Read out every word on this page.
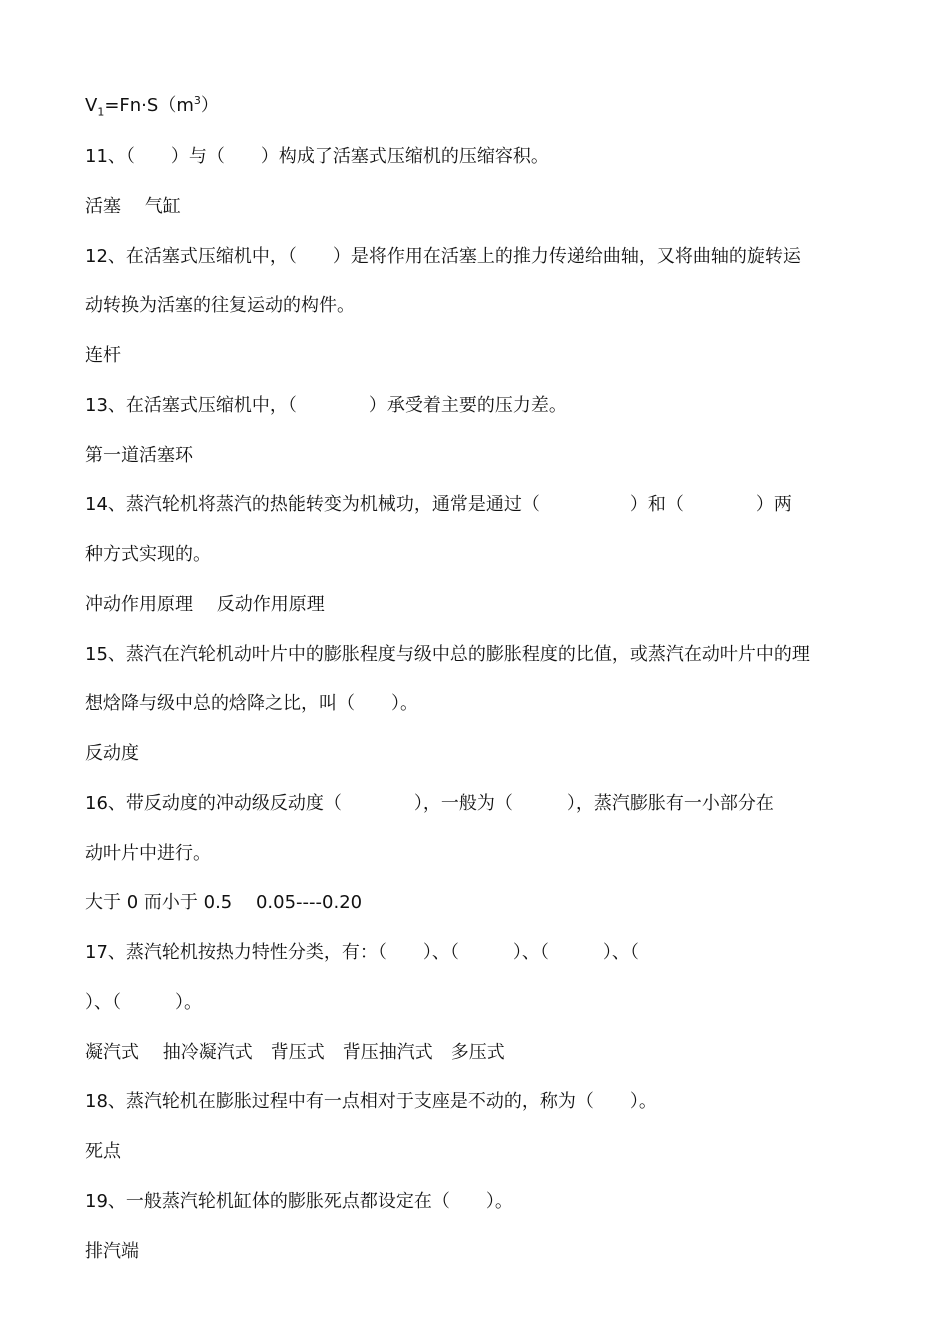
$V_1=Fn\cdot S(m^3)$

11、（　　）与（　　）构成了活塞式压缩机的压缩容积。

活塞　 气缸

12、在活塞式压缩机中，（　　）是将作用在活塞上的推力传递给曲轴，又将曲轴的旋转运

动转换为活塞的往复运动的构件。

连杆

13、在活塞式压缩机中，（　　　　）承受着主要的压力差。

第一道活塞环

14、蒸汽轮机将蒸汽的热能转变为机械功，通常是通过（　　　　　）和（　　　　）两

种方式实现的。

冲动作用原理　 反动作用原理

15、蒸汽在汽轮机动叶片中的膨胀程度与级中总的膨胀程度的比值，或蒸汽在动叶片中的理

想焓降与级中总的焓降之比，叫（　　）。

反动度

16、带反动度的冲动级反动度（　　　　），一般为（　　　），蒸汽膨胀有一小部分在

动叶片中进行。

大于 0 而小于 0.5　 0.05----0.20

17、蒸汽轮机按热力特性分类，有：（　　）、（　　　）、（　　　）、（

）、（　　　）。

凝汽式　 抽冷凝汽式　背压式　背压抽汽式　多压式

18、蒸汽轮机在膨胀过程中有一点相对于支座是不动的，称为（　　）。

死点

19、一般蒸汽轮机缸体的膨胀死点都设定在（　　）。

排汽端
